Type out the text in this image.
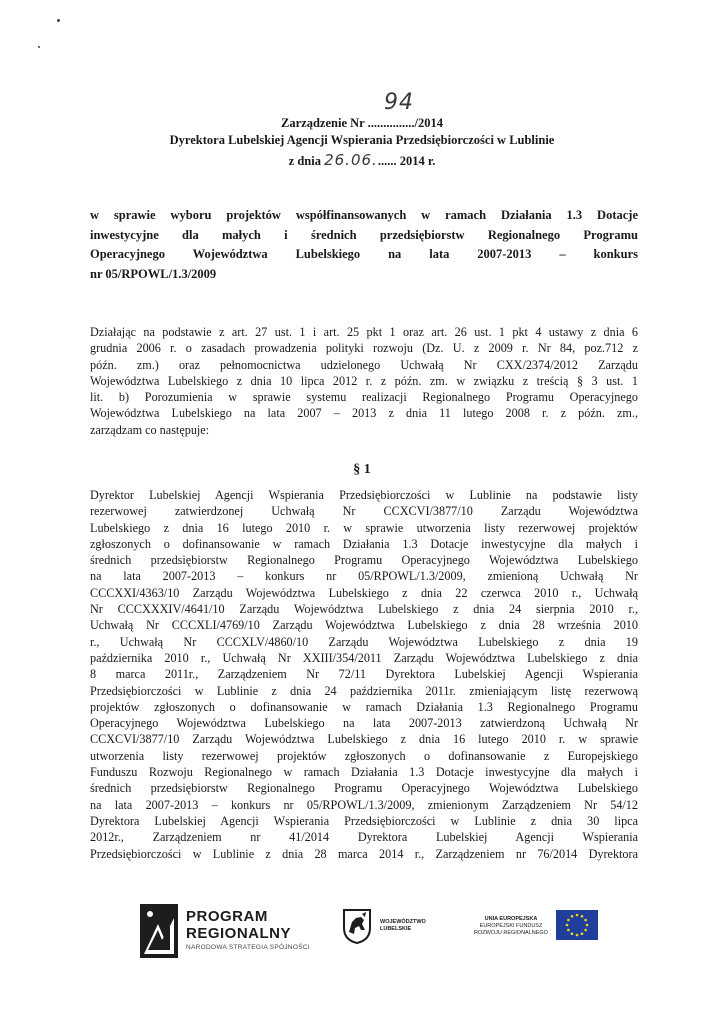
Zarządzenie Nr .............../2014
94
Dyrektora Lubelskiej Agencji Wspierania Przedsiębiorczości w Lublinie
z dnia 26.06....... 2014 r.
w sprawie wyboru projektów współfinansowanych w ramach Działania 1.3 Dotacje
inwestycyjne dla małych i średnich przedsiębiorstw Regionalnego Programu
Operacyjnego Województwa Lubelskiego na lata 2007-2013 – konkurs
nr 05/RPOWL/1.3/2009
Działając na podstawie z art. 27 ust. 1 i art. 25 pkt 1 oraz art. 26 ust. 1 pkt 4 ustawy z dnia 6
grudnia 2006 r. o zasadach prowadzenia polityki rozwoju (Dz. U. z 2009 r. Nr 84, poz.712 z
późn. zm.) oraz pełnomocnictwa udzielonego Uchwałą Nr CXX/2374/2012 Zarządu
Województwa Lubelskiego z dnia 10 lipca 2012 r. z późn. zm. w związku z treścią § 3 ust. 1
lit. b) Porozumienia w sprawie systemu realizacji Regionalnego Programu Operacyjnego
Województwa Lubelskiego na lata 2007 – 2013 z dnia 11 lutego 2008 r. z późn. zm.,
zarządzam co następuje:
§ 1
Dyrektor Lubelskiej Agencji Wspierania Przedsiębiorczości w Lublinie na podstawie listy
rezerwowej zatwierdzonej Uchwałą Nr CCXCVI/3877/10 Zarządu Województwa
Lubelskiego z dnia 16 lutego 2010 r. w sprawie utworzenia listy rezerwowej projektów
zgłoszonych o dofinansowanie w ramach Działania 1.3 Dotacje inwestycyjne dla małych i
średnich przedsiębiorstw Regionalnego Programu Operacyjnego Województwa Lubelskiego
na lata 2007-2013 – konkurs nr 05/RPOWL/1.3/2009, zmienioną Uchwałą Nr
CCCXXI/4363/10 Zarządu Województwa Lubelskiego z dnia 22 czerwca 2010 r., Uchwałą
Nr CCCXXXIV/4641/10 Zarządu Województwa Lubelskiego z dnia 24 sierpnia 2010 r.,
Uchwałą Nr CCCXLI/4769/10 Zarządu Województwa Lubelskiego z dnia 28 września 2010
r., Uchwałą Nr CCCXLV/4860/10 Zarządu Województwa Lubelskiego z dnia 19
października 2010 r., Uchwałą Nr XXIII/354/2011 Zarządu Województwa Lubelskiego z dnia
8 marca 2011r., Zarządzeniem Nr 72/11 Dyrektora Lubelskiej Agencji Wspierania
Przedsiębiorczości w Lublinie z dnia 24 października 2011r. zmieniającym listę rezerwową
projektów zgłoszonych o dofinansowanie w ramach Działania 1.3 Regionalnego Programu
Operacyjnego Województwa Lubelskiego na lata 2007-2013 zatwierdzoną Uchwałą Nr
CCXCVI/3877/10 Zarządu Województwa Lubelskiego z dnia 16 lutego 2010 r. w sprawie
utworzenia listy rezerwowej projektów zgłoszonych o dofinansowanie z Europejskiego
Funduszu Rozwoju Regionalnego w ramach Działania 1.3 Dotacje inwestycyjne dla małych i
średnich przedsiębiorstw Regionalnego Programu Operacyjnego Województwa Lubelskiego
na lata 2007-2013 – konkurs nr 05/RPOWL/1.3/2009, zmienionym Zarządzeniem Nr 54/12
Dyrektora Lubelskiej Agencji Wspierania Przedsiębiorczości w Lublinie z dnia 30 lipca
2012r., Zarządzeniem nr 41/2014 Dyrektora Lubelskiej Agencji Wspierania
Przedsiębiorczości w Lublinie z dnia 28 marca 2014 r., Zarządzeniem nr 76/2014 Dyrektora
PROGRAM
REGIONALNY
NARODOWA STRATEGIA SPÓJNOŚCI
WOJEWÓDZTWO
LUBELSKIE
UNIA EUROPEJSKA
EUROPEJSKI FUNDUSZ
ROZWOJU REGIONALNEGO
